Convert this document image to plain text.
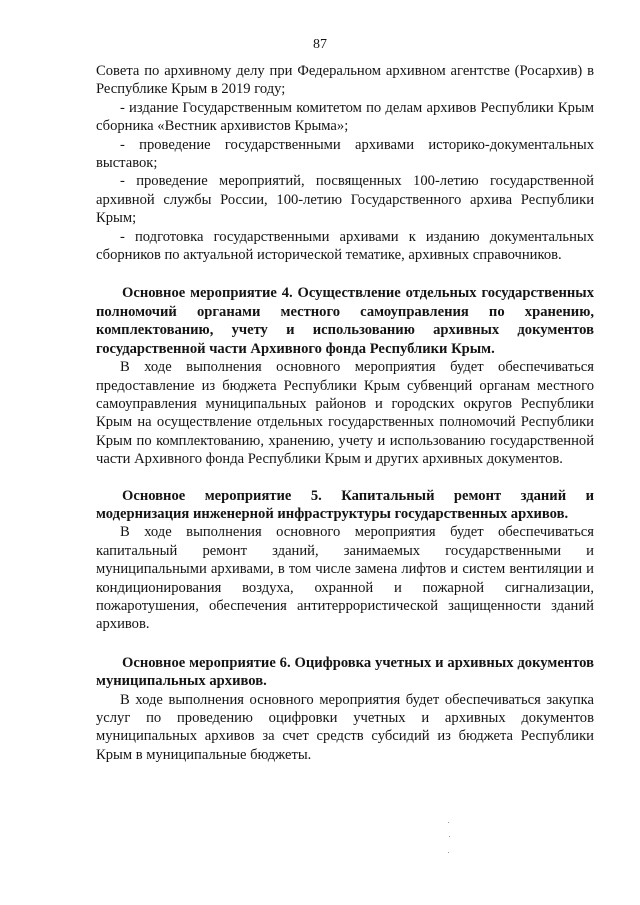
87

Совета по архивному делу при Федеральном архивном агентстве (Росархив) в Республике Крым в 2019 году;

- издание Государственным комитетом по делам архивов Республики Крым сборника «Вестник архивистов Крыма»;

- проведение государственными архивами историко-документальных выставок;

- проведение мероприятий, посвященных 100-летию государственной архивной службы России, 100-летию Государственного архива Республики Крым;

- подготовка государственными архивами к изданию документальных сборников по актуальной исторической тематике, архивных справочников.

Основное мероприятие 4. Осуществление отдельных государственных полномочий органами местного самоуправления по хранению, комплектованию, учету и использованию архивных документов государственной части Архивного фонда Республики Крым.

В ходе выполнения основного мероприятия будет обеспечиваться предоставление из бюджета Республики Крым субвенций органам местного самоуправления муниципальных районов и городских округов Республики Крым на осуществление отдельных государственных полномочий Республики Крым по комплектованию, хранению, учету и использованию государственной части Архивного фонда Республики Крым и других архивных документов.

Основное мероприятие 5. Капитальный ремонт зданий и модернизация инженерной инфраструктуры государственных архивов.

В ходе выполнения основного мероприятия будет обеспечиваться капитальный ремонт зданий, занимаемых государственными и муниципальными архивами, в том числе замена лифтов и систем вентиляции и кондиционирования воздуха, охранной и пожарной сигнализации, пожаротушения, обеспечения антитеррористической защищенности зданий архивов.

Основное мероприятие 6. Оцифровка учетных и архивных документов муниципальных архивов.

В ходе выполнения основного мероприятия будет обеспечиваться закупка услуг по проведению оцифровки учетных и архивных документов муниципальных архивов за счет средств субсидий из бюджета Республики Крым в муниципальные бюджеты.
